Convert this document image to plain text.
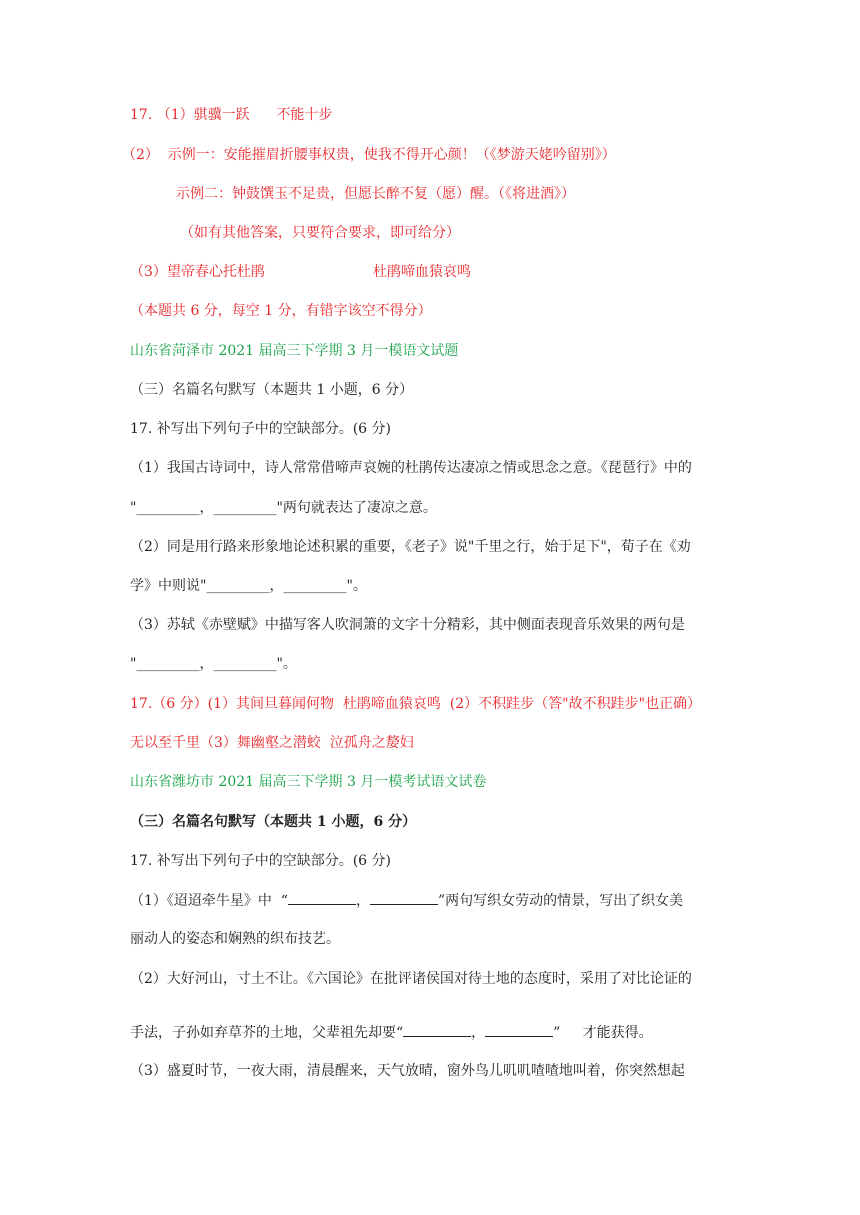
17. （1）骐骥一跃      不能十步
（2）  示例一：安能摧眉折腰事权贵，使我不得开心颜！（《梦游天姥吟留别》）
示例二：钟鼓馔玉不足贵，但愿长醉不复（愿）醒。（《将进酒》）
（如有其他答案，只要符合要求，即可给分）
（3）望帝春心托杜鹃	杜鹃啼血猿哀鸣
（本题共 6 分，每空 1 分，有错字该空不得分）
山东省菏泽市 2021 届高三下学期 3 月一模语文试题
（三）名篇名句默写（本题共 1 小题，6 分）
17. 补写出下列句子中的空缺部分。(6 分)
（1）我国古诗词中，诗人常常借啼声哀婉的杜鹃传达凄凉之情或思念之意。《琵琶行》中的
"_________，_________"两句就表达了凄凉之意。
（2）同是用行路来形象地论述积累的重要，《老子》说"千里之行，始于足下"，荀子在《劝
学》中则说"_________，_________"。
（3）苏轼《赤壁赋》中描写客人吹洞箫的文字十分精彩，其中侧面表现音乐效果的两句是
"_________，_________"。
17.（6 分）(1）其间旦暮闻何物  杜鹃啼血猿哀鸣  (2）不积跬步（答"故不积跬步"也正确）
无以至千里（3）舞幽壑之潜蛟  泣孤舟之嫠妇
山东省潍坊市 2021 届高三下学期 3 月一模考试语文试卷
（三）名篇名句默写（本题共 1 小题，6 分）
17. 补写出下列句子中的空缺部分。(6 分)
（1）《迢迢牵牛星》中  “	，	”两句写织女劳动的情景，写出了织女美
丽动人的姿态和娴熟的织布技艺。
（2）大好河山，寸土不让。《六国论》在批评诸侯国对待土地的态度时，采用了对比论证的
手法，子孙如弃草芥的土地，父辈祖先却要“	，	”     才能获得。
（3）盛夏时节，一夜大雨，清晨醒来，天气放晴，窗外鸟儿叽叽喳喳地叫着，你突然想起
